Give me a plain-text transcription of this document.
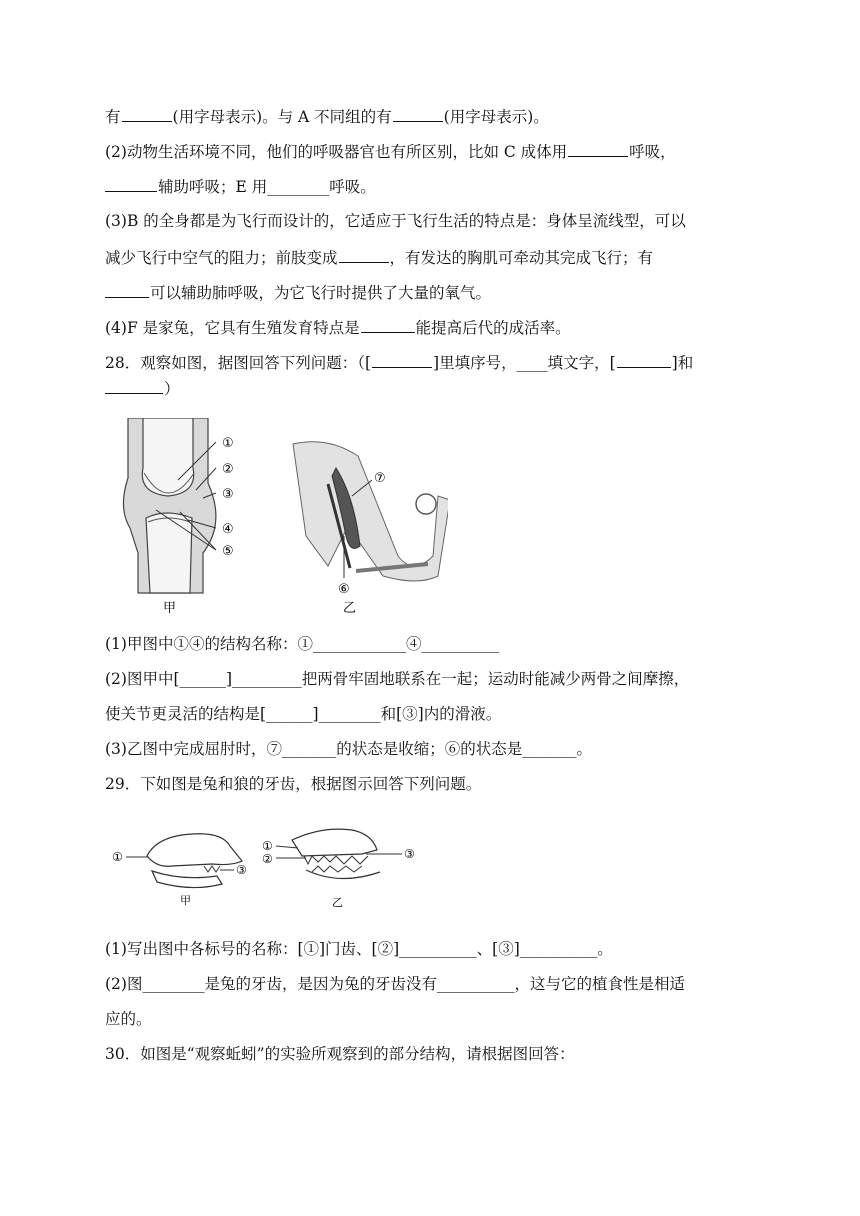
有	(用字母表示)。与 A 不同组的有	(用字母表示)。
(2)动物生活环境不同，他们的呼吸器官也有所区别，比如 C 成体用	呼吸，
辅助呼吸；E 用________呼吸。
(3)B 的全身都是为飞行而设计的，它适应于飞行生活的特点是：身体呈流线型，可以
减少飞行中空气的阻力；前肢变成	，有发达的胸肌可牵动其完成飞行；有
可以辅助肺呼吸，为它飞行时提供了大量的氧气。
(4)F 是家兔，它具有生殖发育特点是	能提高后代的成活率。
28．观察如图，据图回答下列问题：（[	]里填序号，____填文字，[	]和
）
①
②
③
④
⑤
甲
⑦
⑥
乙
(1)甲图中①④的结构名称：①____________④__________
(2)图甲中[______]_________把两骨牢固地联系在一起；运动时能减少两骨之间摩擦，
使关节更灵活的结构是[______]________和[③]内的滑液。
(3)乙图中完成屈肘时，⑦_______的状态是收缩；⑥的状态是_______。
29．下如图是兔和狼的牙齿，根据图示回答下列问题。
①
③
甲
①
②	③
乙
(1)写出图中各标号的名称：[①]门齿、[②]__________、[③]__________。
(2)图________是兔的牙齿，是因为兔的牙齿没有__________，这与它的植食性是相适
应的。
30．如图是“观察蚯蚓”的实验所观察到的部分结构，请根据图回答：
